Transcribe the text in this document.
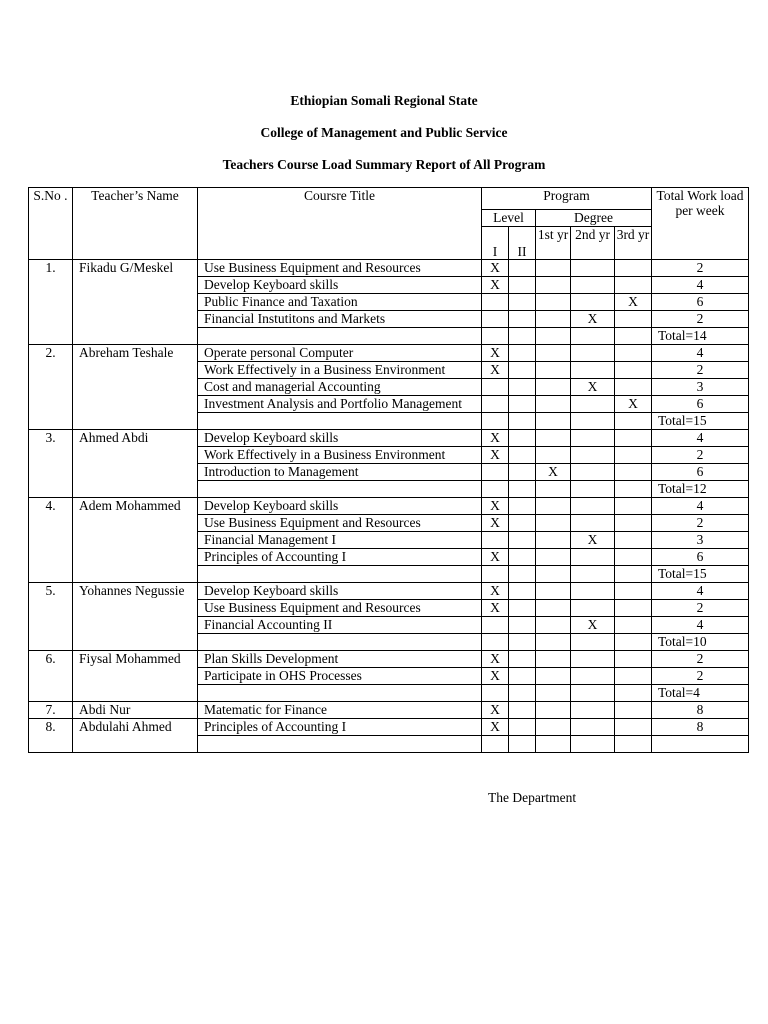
Ethiopian Somali Regional State
College of Management and Public Service
Teachers Course Load Summary Report of All Program
S.No .	Teacher’s Name	Coursre Title	Program					Total Work load per week
			Level		Degree			
			I	II	1st yr	2nd yr	3rd yr	
1.	Fikadu G/Meskel	Use Business Equipment and Resources	X					2
		Develop Keyboard skills	X					4
		Public Finance and Taxation					X	6
		Financial Instutitons and Markets				X		2
								Total=14
2.	Abreham Teshale	Operate personal Computer	X					4
		Work Effectively in a Business Environment	X					2
		Cost and managerial Accounting				X		3
		Investment Analysis and Portfolio Management					X	6
								Total=15
3.	Ahmed Abdi	Develop Keyboard skills	X					4
		Work Effectively in a Business Environment	X					2
		Introduction to Management			X			6
								Total=12
4.	Adem Mohammed	Develop Keyboard skills	X					4
		Use Business Equipment and Resources	X					2
		Financial Management I				X		3
		Principles of Accounting I	X					6
								Total=15
5.	Yohannes Negussie	Develop Keyboard skills	X					4
		Use Business Equipment and Resources	X					2
		Financial Accounting II				X		4
								Total=10
6.	Fiysal Mohammed	Plan Skills Development	X					2
		Participate in OHS Processes	X					2
								Total=4
7.	Abdi Nur	Matematic for Finance	X					8
8.	Abdulahi Ahmed	Principles of Accounting I	X					8

The Department
